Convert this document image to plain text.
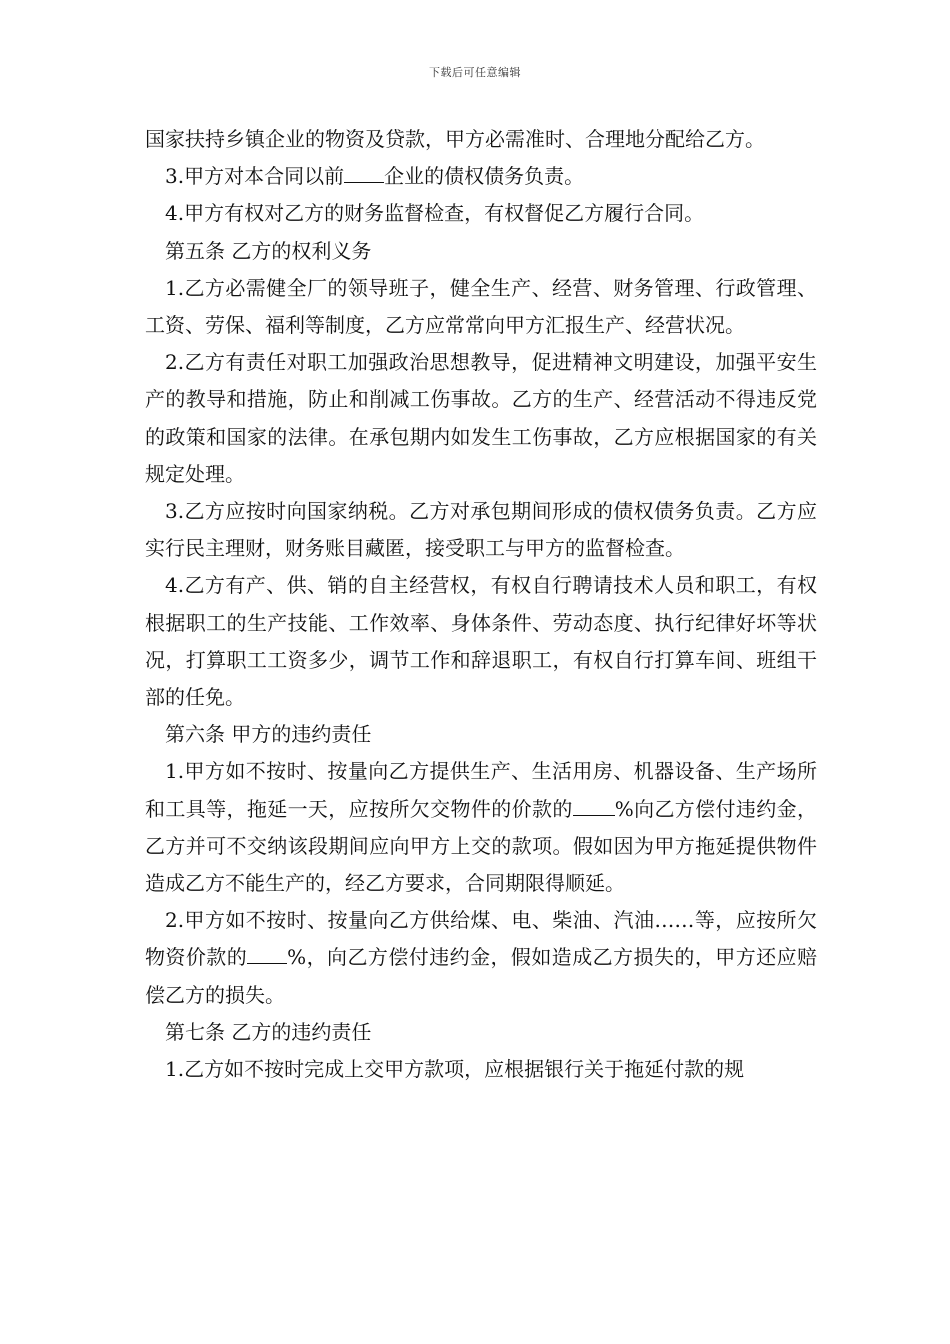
下载后可任意编辑

国家扶持乡镇企业的物资及贷款，甲方必需准时、合理地分配给乙方。

3.甲方对本合同以前 企业的债权债务负责。

4.甲方有权对乙方的财务监督检查，有权督促乙方履行合同。

第五条 乙方的权利义务

1.乙方必需健全厂的领导班子，健全生产、经营、财务管理、行政管理、工资、劳保、福利等制度，乙方应常常向甲方汇报生产、经营状况。

2.乙方有责任对职工加强政治思想教导，促进精神文明建设，加强平安生产的教导和措施，防止和削减工伤事故。乙方的生产、经营活动不得违反党的政策和国家的法律。在承包期内如发生工伤事故，乙方应根据国家的有关规定处理。

3.乙方应按时向国家纳税。乙方对承包期间形成的债权债务负责。乙方应实行民主理财，财务账目藏匿，接受职工与甲方的监督检查。

4.乙方有产、供、销的自主经营权，有权自行聘请技术人员和职工，有权根据职工的生产技能、工作效率、身体条件、劳动态度、执行纪律好坏等状况，打算职工工资多少，调节工作和辞退职工，有权自行打算车间、班组干部的任免。

第六条 甲方的违约责任

1.甲方如不按时、按量向乙方提供生产、生活用房、机器设备、生产场所和工具等，拖延一天，应按所欠交物件的价款的 %向乙方偿付违约金，乙方并可不交纳该段期间应向甲方上交的款项。假如因为甲方拖延提供物件造成乙方不能生产的，经乙方要求，合同期限得顺延。

2.甲方如不按时、按量向乙方供给煤、电、柴油、汽油……等，应按所欠物资价款的 %，向乙方偿付违约金，假如造成乙方损失的，甲方还应赔偿乙方的损失。

第七条 乙方的违约责任

1.乙方如不按时完成上交甲方款项，应根据银行关于拖延付款的规
